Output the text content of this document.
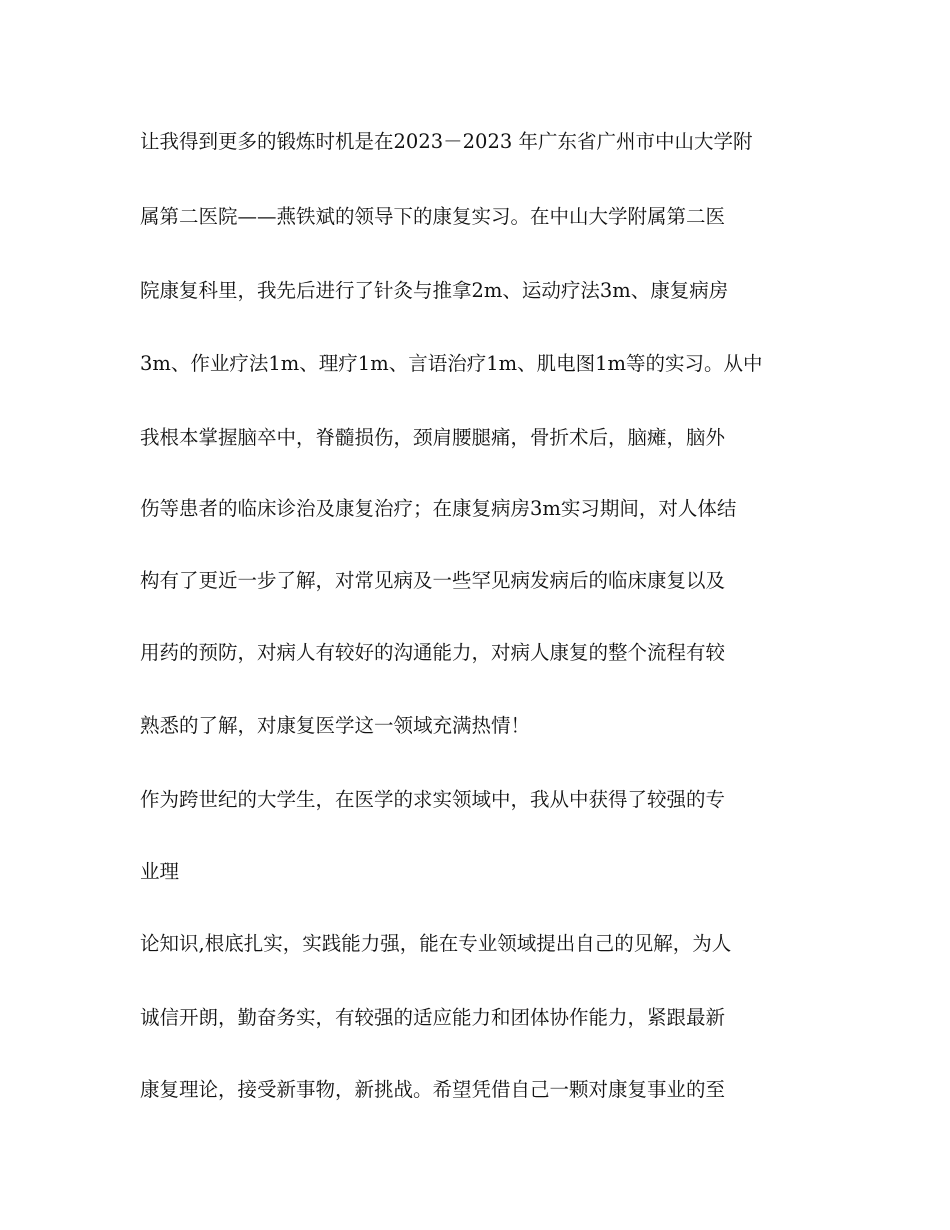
让我得到更多的锻炼时机是在2023－2023 年广东省广州市中山大学附
属第二医院——燕铁斌的领导下的康复实习。在中山大学附属第二医
院康复科里，我先后进行了针灸与推拿2m、运动疗法3m、康复病房
3m、作业疗法1m、理疗1m、言语治疗1m、肌电图1m等的实习。从中
我根本掌握脑卒中，脊髓损伤，颈肩腰腿痛，骨折术后，脑瘫，脑外
伤等患者的临床诊治及康复治疗；在康复病房3m实习期间，对人体结
构有了更近一步了解，对常见病及一些罕见病发病后的临床康复以及
用药的预防，对病人有较好的沟通能力，对病人康复的整个流程有较
熟悉的了解，对康复医学这一领域充满热情！
作为跨世纪的大学生，在医学的求实领域中，我从中获得了较强的专
业理
论知识,根底扎实，实践能力强，能在专业领域提出自己的见解，为人
诚信开朗，勤奋务实，有较强的适应能力和团体协作能力，紧跟最新
康复理论，接受新事物，新挑战。希望凭借自己一颗对康复事业的至
